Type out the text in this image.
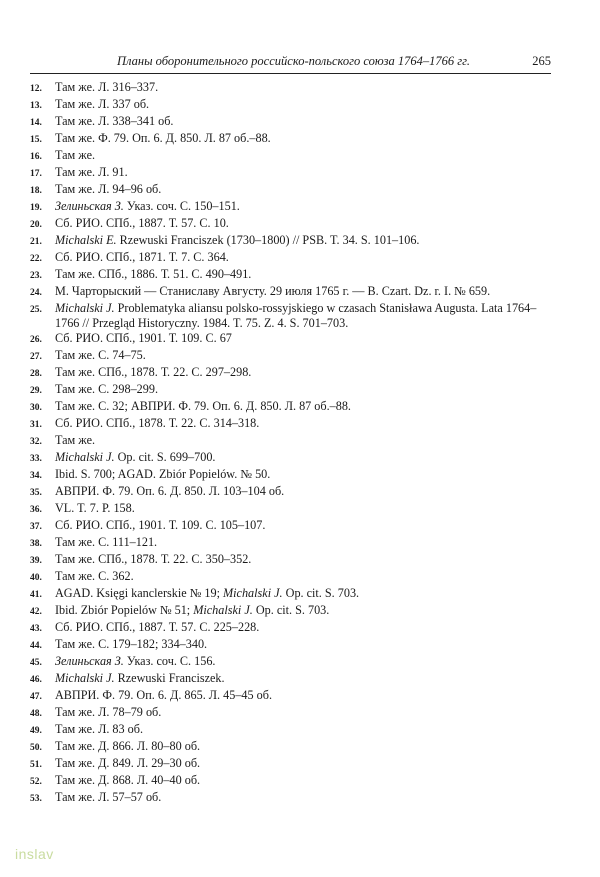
Планы оборонительного российско-польского союза 1764–1766 гг.	265
12.	Там же. Л. 316–337.
13.	Там же. Л. 337 об.
14.	Там же. Л. 338–341 об.
15.	Там же. Ф. 79. Оп. 6. Д. 850. Л. 87 об.–88.
16.	Там же.
17.	Там же. Л. 91.
18.	Там же. Л. 94–96 об.
19.	Зелиньская З. Указ. соч. С. 150–151.
20.	Сб. РИО. СПб., 1887. Т. 57. С. 10.
21.	Michalski E. Rzewuski Franciszek (1730–1800) // PSB. T. 34. S. 101–106.
22.	Сб. РИО. СПб., 1871. Т. 7. С. 364.
23.	Там же. СПб., 1886. Т. 51. С. 490–491.
24.	М. Чарторыский — Станиславу Августу. 29 июля 1765 г. — B. Czart. Dz. r. I. № 659.
25.	Michalski J. Problematyka aliansu polsko-rossyjskiego w czasach Stanisława Augusta. Lata 1764–1766 // Przegląd Historyczny. 1984. T. 75. Z. 4. S. 701–703.
26.	Сб. РИО. СПб., 1901. Т. 109. С. 67
27.	Там же. С. 74–75.
28.	Там же. СПб., 1878. Т. 22. С. 297–298.
29.	Там же. С. 298–299.
30.	Там же. С. 32; АВПРИ. Ф. 79. Оп. 6. Д. 850. Л. 87 об.–88.
31.	Сб. РИО. СПб., 1878. Т. 22. С. 314–318.
32.	Там же.
33.	Michalski J. Op. cit. S. 699–700.
34.	Ibid. S. 700; AGAD. Zbiór Popielów. № 50.
35.	АВПРИ. Ф. 79. Оп. 6. Д. 850. Л. 103–104 об.
36.	VL. T. 7. P. 158.
37.	Сб. РИО. СПб., 1901. Т. 109. С. 105–107.
38.	Там же. С. 111–121.
39.	Там же. СПб., 1878. Т. 22. С. 350–352.
40.	Там же. С. 362.
41.	AGAD. Księgi kanclerskie № 19; Michalski J. Op. cit. S. 703.
42.	Ibid. Zbiór Popielów № 51; Michalski J. Op. cit. S. 703.
43.	Сб. РИО. СПб., 1887. Т. 57. С. 225–228.
44.	Там же. С. 179–182; 334–340.
45.	Зелиньская З. Указ. соч. С. 156.
46.	Michalski J. Rzewuski Franciszek.
47.	АВПРИ. Ф. 79. Оп. 6. Д. 865. Л. 45–45 об.
48.	Там же. Л. 78–79 об.
49.	Там же. Л. 83 об.
50.	Там же. Д. 866. Л. 80–80 об.
51.	Там же. Д. 849. Л. 29–30 об.
52.	Там же. Д. 868. Л. 40–40 об.
53.	Там же. Л. 57–57 об.
inslav
